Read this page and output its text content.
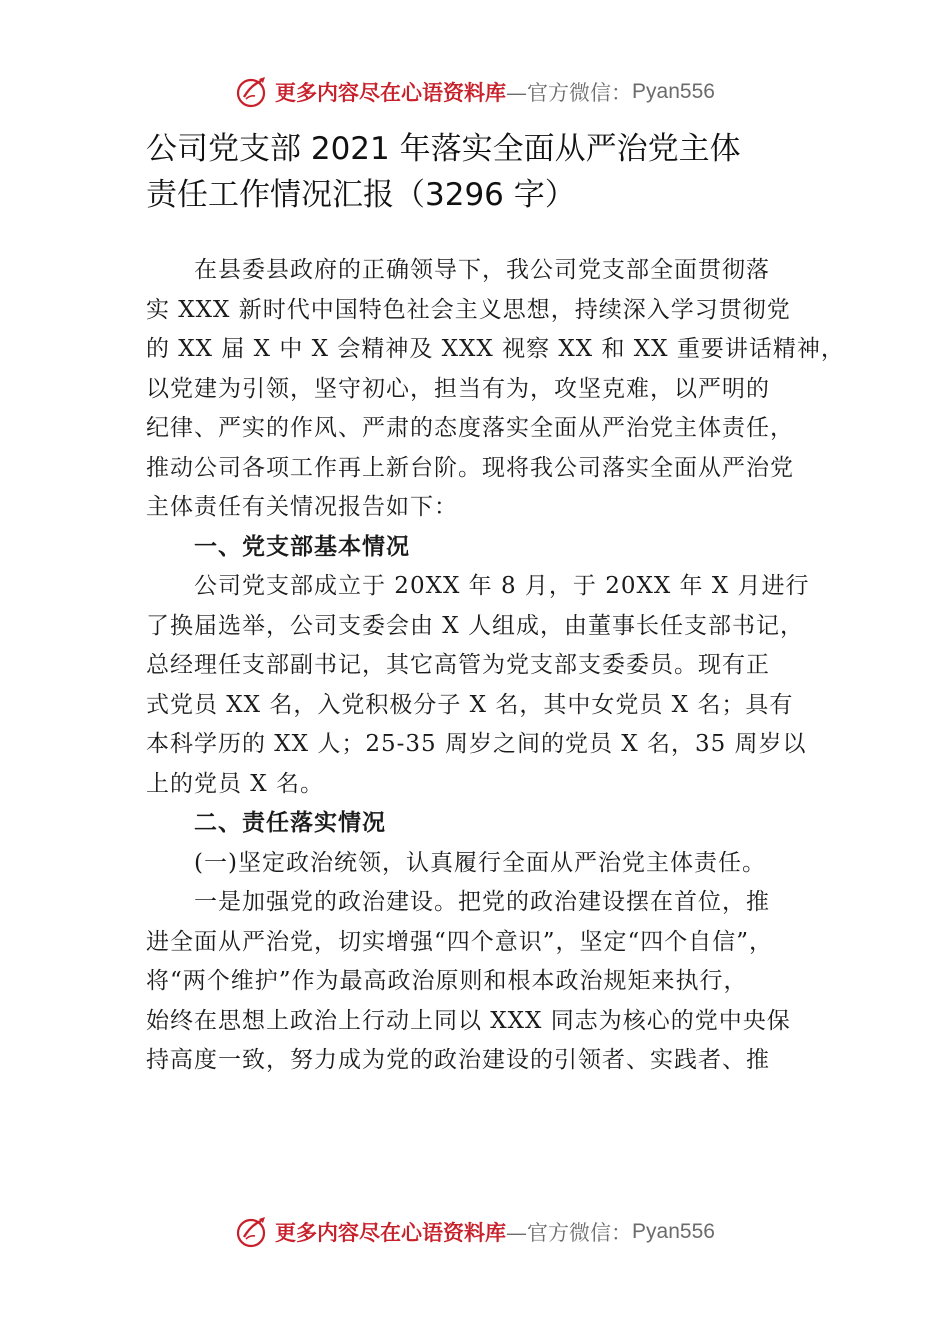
更多内容尽在心语资料库 —官方微信： Pyan556
公司党支部 2021 年落实全面从严治党主体
责任工作情况汇报（3296 字）
　　在县委县政府的正确领导下，我公司党支部全面贯彻落
实 XXX 新时代中国特色社会主义思想，持续深入学习贯彻党
的 XX 届 X 中 X 会精神及 XXX 视察 XX 和 XX 重要讲话精神，
以党建为引领，坚守初心，担当有为，攻坚克难，以严明的
纪律、严实的作风、严肃的态度落实全面从严治党主体责任，
推动公司各项工作再上新台阶。现将我公司落实全面从严治党
主体责任有关情况报告如下：
　　一、党支部基本情况
　　公司党支部成立于 20XX 年 8 月，于 20XX 年 X 月进行
了换届选举，公司支委会由 X 人组成，由董事长任支部书记，
总经理任支部副书记，其它高管为党支部支委委员。现有正
式党员 XX 名，入党积极分子 X 名，其中女党员 X 名；具有
本科学历的 XX 人；25-35 周岁之间的党员 X 名，35 周岁以
上的党员 X 名。
　　二、责任落实情况
　　(一)坚定政治统领，认真履行全面从严治党主体责任。
　　一是加强党的政治建设。把党的政治建设摆在首位，推
进全面从严治党，切实增强“四个意识”，坚定“四个自信”，
将“两个维护”作为最高政治原则和根本政治规矩来执行，
始终在思想上政治上行动上同以 XXX 同志为核心的党中央保
持高度一致，努力成为党的政治建设的引领者、实践者、推
更多内容尽在心语资料库 —官方微信： Pyan556
